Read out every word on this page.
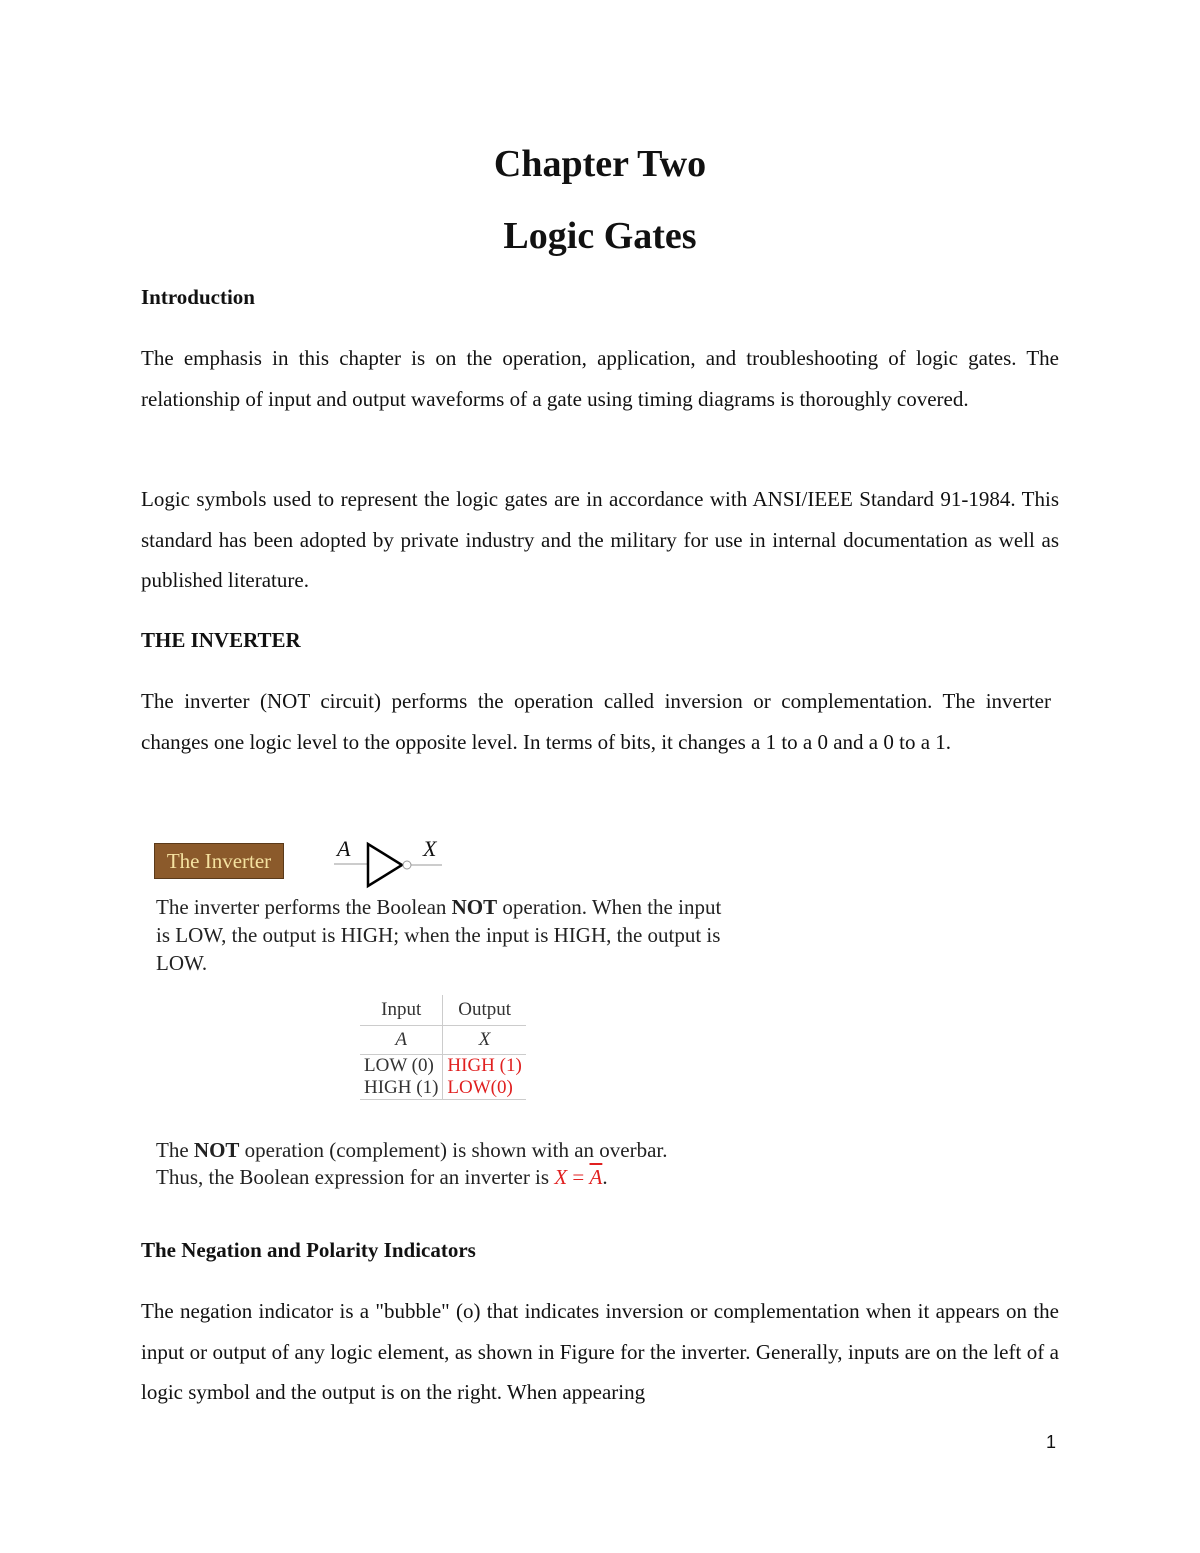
Chapter Two
Logic Gates
Introduction
The emphasis in this chapter is on the operation, application, and troubleshooting of logic gates. The relationship of input and output waveforms of a gate using timing diagrams is thoroughly covered.
Logic symbols used to represent the logic gates are in accordance with ANSI/IEEE Standard 91-1984. This standard has been adopted by private industry and the military for use in internal documentation as well as published literature.
THE INVERTER
The inverter (NOT circuit) performs the operation called inversion or complementation. The inverter changes one logic level to the opposite level. In terms of bits, it changes a 1 to a 0 and a 0 to a 1.
The Inverter	A	X
The inverter performs the Boolean NOT operation. When the input is LOW, the output is HIGH; when the input is HIGH, the output is LOW.
Input	Output
A	X
LOW (0)	HIGH (1)
HIGH (1)	LOW(0)
The NOT operation (complement) is shown with an overbar.
Thus, the Boolean expression for an inverter is $X = \overline{A}$.
The Negation and Polarity Indicators
The negation indicator is a "bubble" (o) that indicates inversion or complementation when it appears on the input or output of any logic element, as shown in Figure for the inverter. Generally, inputs are on the left of a logic symbol and the output is on the right. When appearing
1
